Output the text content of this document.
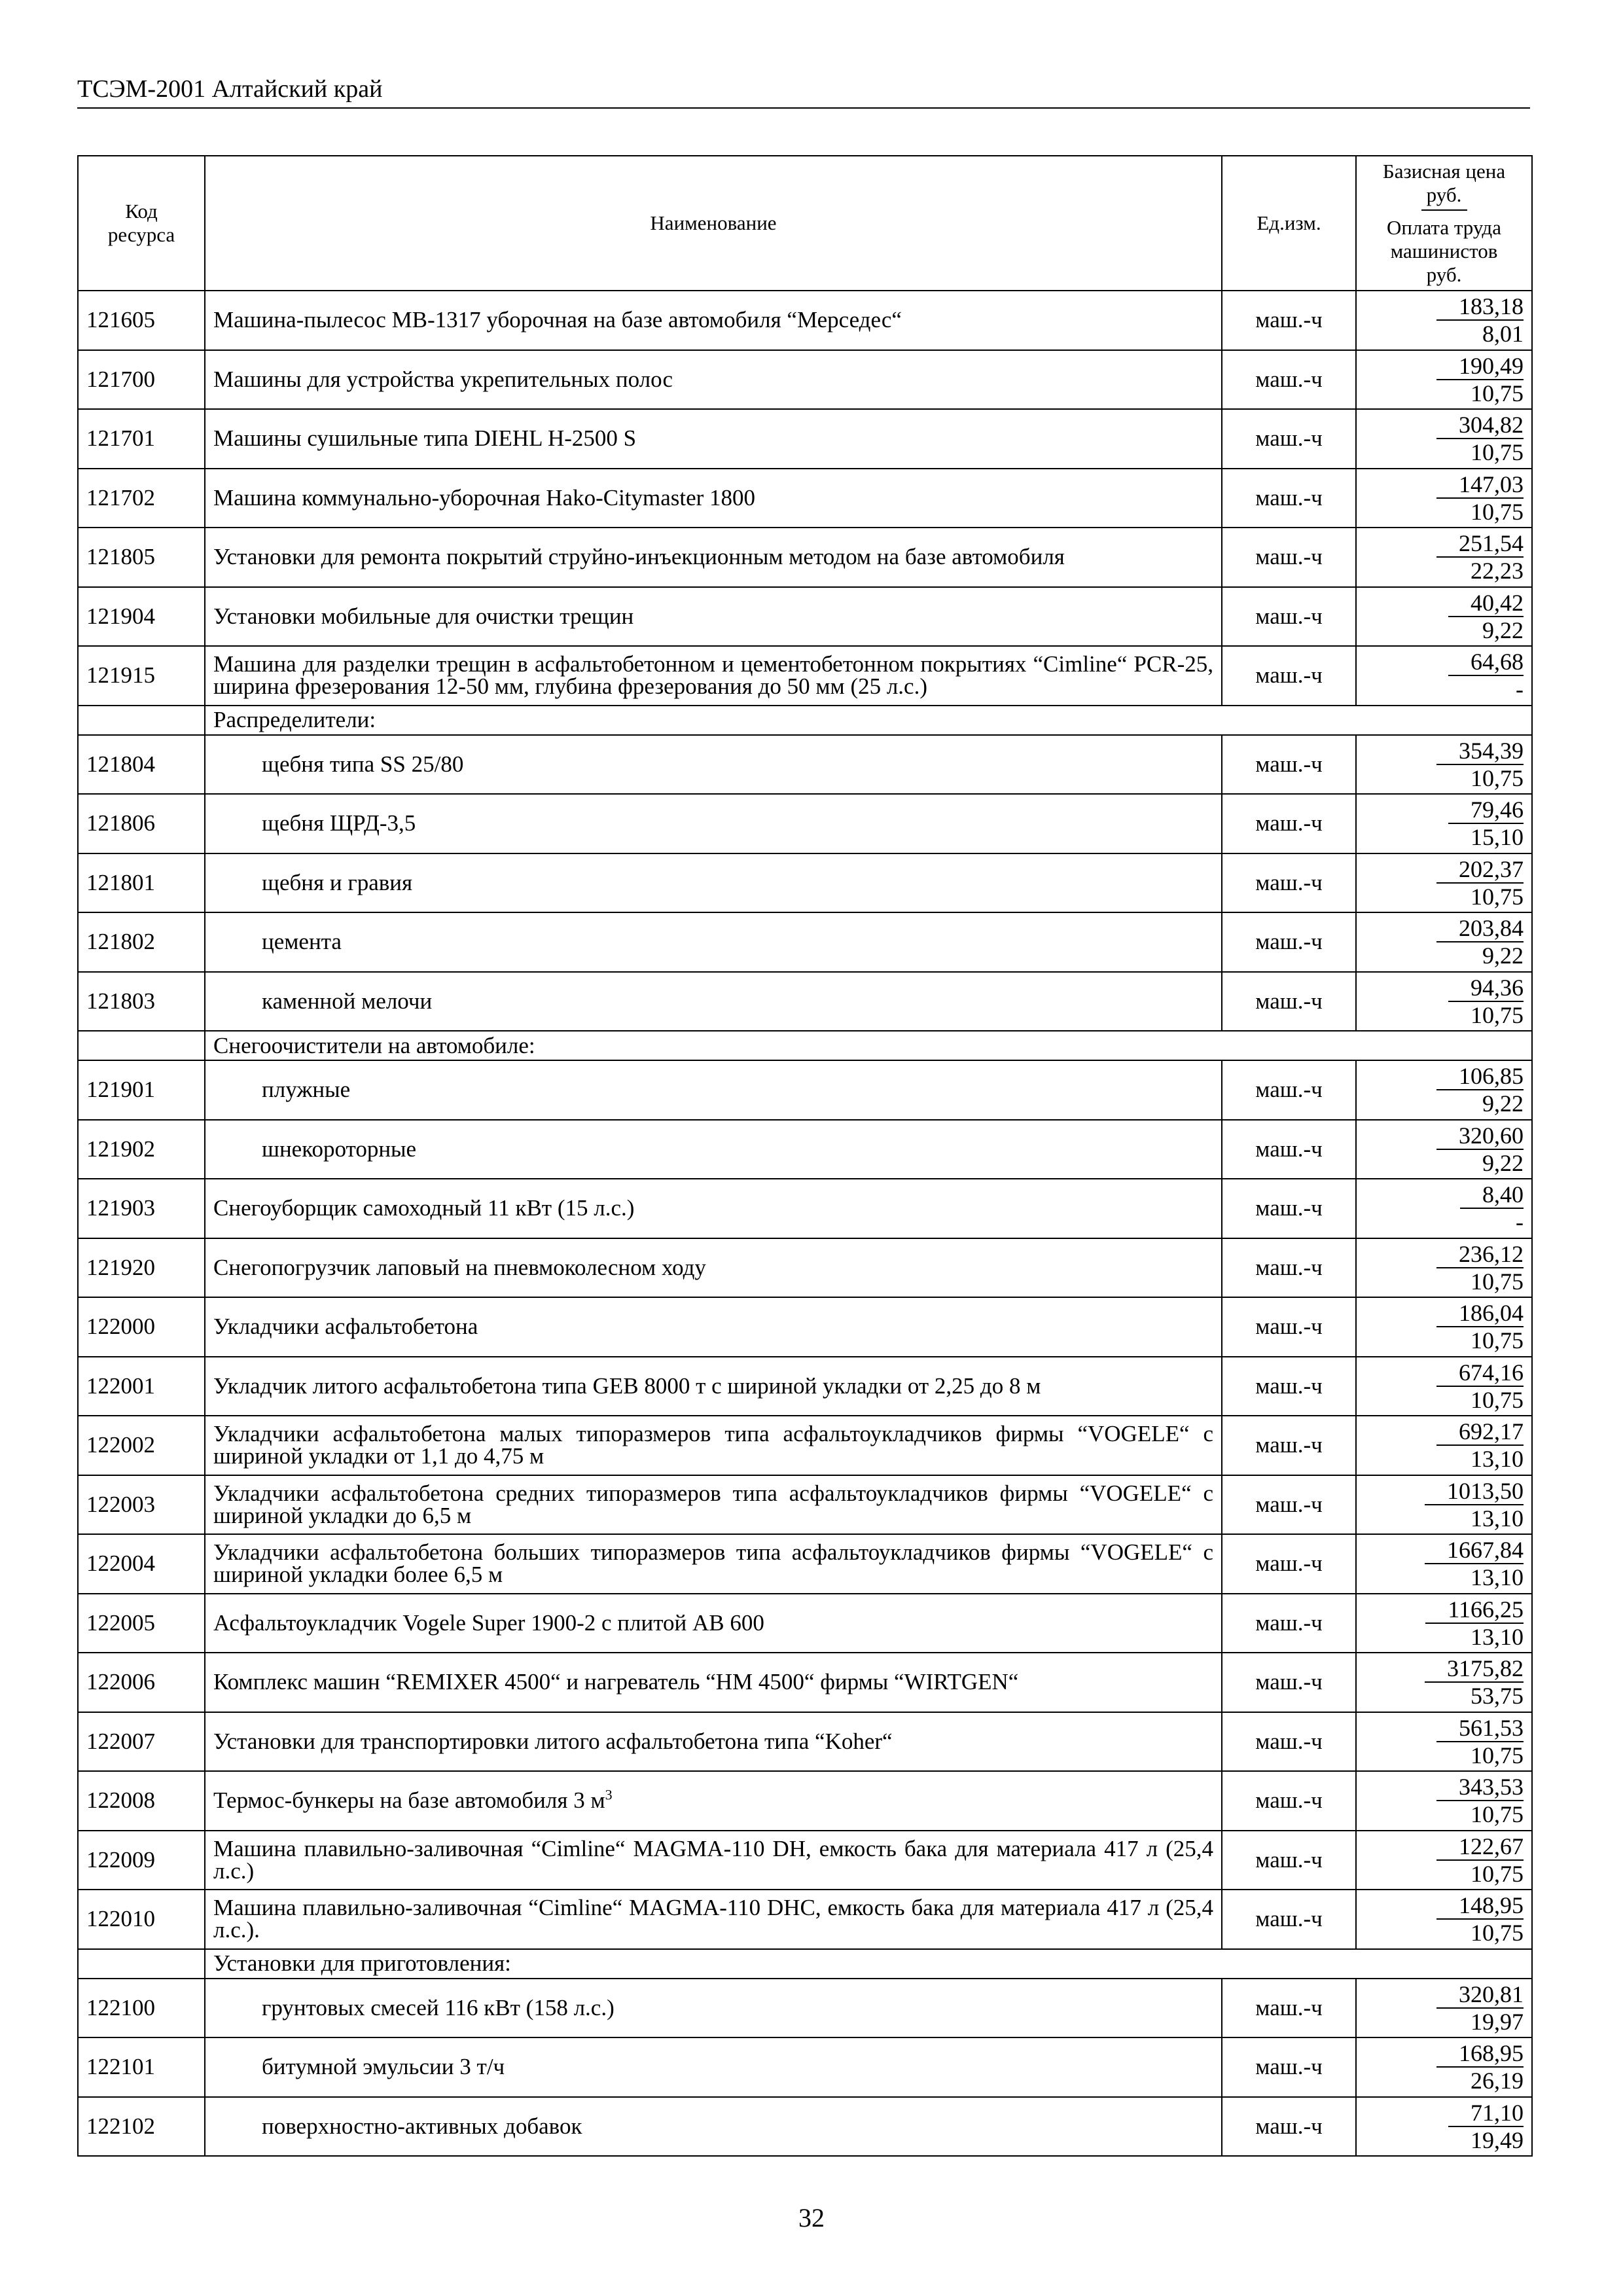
ТСЭМ-2001 Алтайский край
Код ресурса	Наименование	Ед.изм.	Базисная цена
руб.
Оплата труда машинистов
руб.

121605	Машина-пылесос МВ-1317 уборочная на базе автомобиля “Мерседес“	маш.-ч	$\frac{183,18}{8,01}$

121700	Машины для устройства укрепительных полос	маш.-ч	$\frac{190,49}{10,75}$

121701	Машины сушильные типа DIEHL H-2500 S	маш.-ч	$\frac{304,82}{10,75}$

121702	Машина коммунально-уборочная Hako-Citymaster 1800	маш.-ч	$\frac{147,03}{10,75}$

121805	Установки для ремонта покрытий струйно-инъекционным методом на базе автомобиля	маш.-ч	$\frac{251,54}{22,23}$

121904	Установки мобильные для очистки трещин	маш.-ч	$\frac{40,42}{9,22}$

121915	Машина для разделки трещин в асфальтобетонном и цементобетонном покрытиях “Cimline“ PCR-25, ширина фрезерования 12-50 мм, глубина фрезерования до 50 мм (25 л.с.)	маш.-ч	$\frac{64,68}{-}$

	Распределители:		
121804	щебня типа SS 25/80	маш.-ч	$\frac{354,39}{10,75}$

121806	щебня ЩРД-3,5	маш.-ч	$\frac{79,46}{15,10}$

121801	щебня и гравия	маш.-ч	$\frac{202,37}{10,75}$

121802	цемента	маш.-ч	$\frac{203,84}{9,22}$

121803	каменной мелочи	маш.-ч	$\frac{94,36}{10,75}$

	Снегоочистители на автомобиле:		
121901	плужные	маш.-ч	$\frac{106,85}{9,22}$

121902	шнекороторные	маш.-ч	$\frac{320,60}{9,22}$

121903	Снегоуборщик самоходный 11 кВт (15 л.с.)	маш.-ч	$\frac{8,40}{-}$

121920	Снегопогрузчик лаповый на пневмоколесном ходу	маш.-ч	$\frac{236,12}{10,75}$

122000	Укладчики асфальтобетона	маш.-ч	$\frac{186,04}{10,75}$

122001	Укладчик литого асфальтобетона типа GEB 8000 т с шириной укладки от 2,25 до 8 м	маш.-ч	$\frac{674,16}{10,75}$

122002	Укладчики асфальтобетона малых типоразмеров типа асфальтоукладчиков фирмы “VOGELE“ с шириной укладки от 1,1 до 4,75 м	маш.-ч	$\frac{692,17}{13,10}$

122003	Укладчики асфальтобетона средних типоразмеров типа асфальтоукладчиков фирмы “VOGELE“ с шириной укладки до 6,5 м	маш.-ч	$\frac{1013,50}{13,10}$

122004	Укладчики асфальтобетона больших типоразмеров типа асфальтоукладчиков фирмы “VOGELE“ с шириной укладки более 6,5 м	маш.-ч	$\frac{1667,84}{13,10}$

122005	Асфальтоукладчик Vogele Super 1900-2 с плитой АВ 600	маш.-ч	$\frac{1166,25}{13,10}$

122006	Комплекс машин “REMIXER 4500“ и нагреватель “HM 4500“ фирмы “WIRTGEN“	маш.-ч	$\frac{3175,82}{53,75}$

122007	Установки для транспортировки литого асфальтобетона типа “Koher“	маш.-ч	$\frac{561,53}{10,75}$

122008	Термос-бункеры на базе автомобиля 3 $м^3$	маш.-ч	$\frac{343,53}{10,75}$

122009	Машина плавильно-заливочная “Cimline“ MAGMA-110 DH, емкость бака для материала 417 л (25,4 л.с.)	маш.-ч	$\frac{122,67}{10,75}$

122010	Машина плавильно-заливочная “Cimline“ MAGMA-110 DHC, емкость бака для материала 417 л (25,4 л.с.).	маш.-ч	$\frac{148,95}{10,75}$

	Установки для приготовления:		
122100	грунтовых смесей 116 кВт (158 л.с.)	маш.-ч	$\frac{320,81}{19,97}$

122101	битумной эмульсии 3 т/ч	маш.-ч	$\frac{168,95}{26,19}$

122102	поверхностно-активных добавок	маш.-ч	$\frac{71,10}{19,49}$
32
